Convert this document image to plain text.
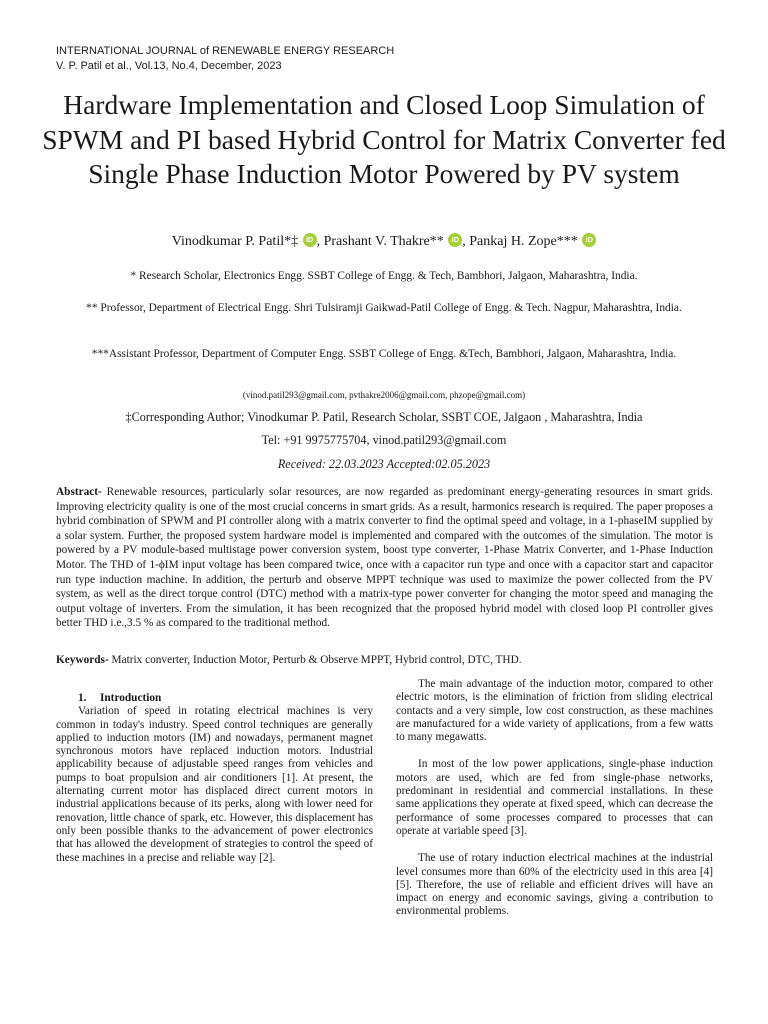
INTERNATIONAL JOURNAL of RENEWABLE ENERGY RESEARCH
V. P. Patil et al., Vol.13, No.4, December, 2023
Hardware Implementation and Closed Loop Simulation of SPWM and PI based Hybrid Control for Matrix Converter fed Single Phase Induction Motor Powered by PV system
Vinodkumar P. Patil*‡ iD , Prashant V. Thakre** iD , Pankaj H. Zope*** iD
* Research Scholar, Electronics Engg. SSBT College of Engg. & Tech, Bambhori, Jalgaon, Maharashtra, India.
** Professor, Department of Electrical Engg. Shri Tulsiramji Gaikwad-Patil College of Engg. & Tech. Nagpur, Maharashtra, India.
***Assistant Professor, Department of Computer Engg. SSBT College of Engg. &Tech, Bambhori, Jalgaon, Maharashtra, India.
(vinod.patil293@gmail.com, pvthakre2006@gmail.com, phzope@gmail.com)
‡Corresponding Author; Vinodkumar P. Patil, Research Scholar, SSBT COE, Jalgaon , Maharashtra, India
Tel: +91 9975775704, vinod.patil293@gmail.com
Received: 22.03.2023 Accepted:02.05.2023
Abstract- Renewable resources, particularly solar resources, are now regarded as predominant energy-generating resources in smart grids. Improving electricity quality is one of the most crucial concerns in smart grids. As a result, harmonics research is required. The paper proposes a hybrid combination of SPWM and PI controller along with a matrix converter to find the optimal speed and voltage, in a 1-phaseIM supplied by a solar system. Further, the proposed system hardware model is implemented and compared with the outcomes of the simulation. The motor is powered by a PV module-based multistage power conversion system, boost type converter, 1-Phase Matrix Converter, and 1-Phase Induction Motor. The THD of 1-ϕIM input voltage has been compared twice, once with a capacitor run type and once with a capacitor start and capacitor run type induction machine. In addition, the perturb and observe MPPT technique was used to maximize the power collected from the PV system, as well as the direct torque control (DTC) method with a matrix-type power converter for changing the motor speed and managing the output voltage of inverters. From the simulation, it has been recognized that the proposed hybrid model with closed loop PI controller gives better THD i.e.,3.5 % as compared to the traditional method.
Keywords- Matrix converter, Induction Motor, Perturb & Observe MPPT, Hybrid control, DTC, THD.
1. Introduction

Variation of speed in rotating electrical machines is very common in today's industry. Speed control techniques are generally applied to induction motors (IM) and nowadays, permanent magnet synchronous motors have replaced induction motors. Industrial applicability because of adjustable speed ranges from vehicles and pumps to boat propulsion and air conditioners [1]. At present, the alternating current motor has displaced direct current motors in industrial applications because of its perks, along with lower need for renovation, little chance of spark, etc. However, this displacement has only been possible thanks to the advancement of power electronics that has allowed the development of strategies to control the speed of these machines in a precise and reliable way [2].

The main advantage of the induction motor, compared to other electric motors, is the elimination of friction from sliding electrical contacts and a very simple, low cost construction, as these machines are manufactured for a wide variety of applications, from a few watts to many megawatts.

In most of the low power applications, single-phase induction motors are used, which are fed from single-phase networks, predominant in residential and commercial installations. In these same applications they operate at fixed speed, which can decrease the performance of some processes compared to processes that can operate at variable speed [3].

The use of rotary induction electrical machines at the industrial level consumes more than 60% of the electricity used in this area [4] [5]. Therefore, the use of reliable and efficient drives will have an impact on energy and economic savings, giving a contribution to environmental problems.
